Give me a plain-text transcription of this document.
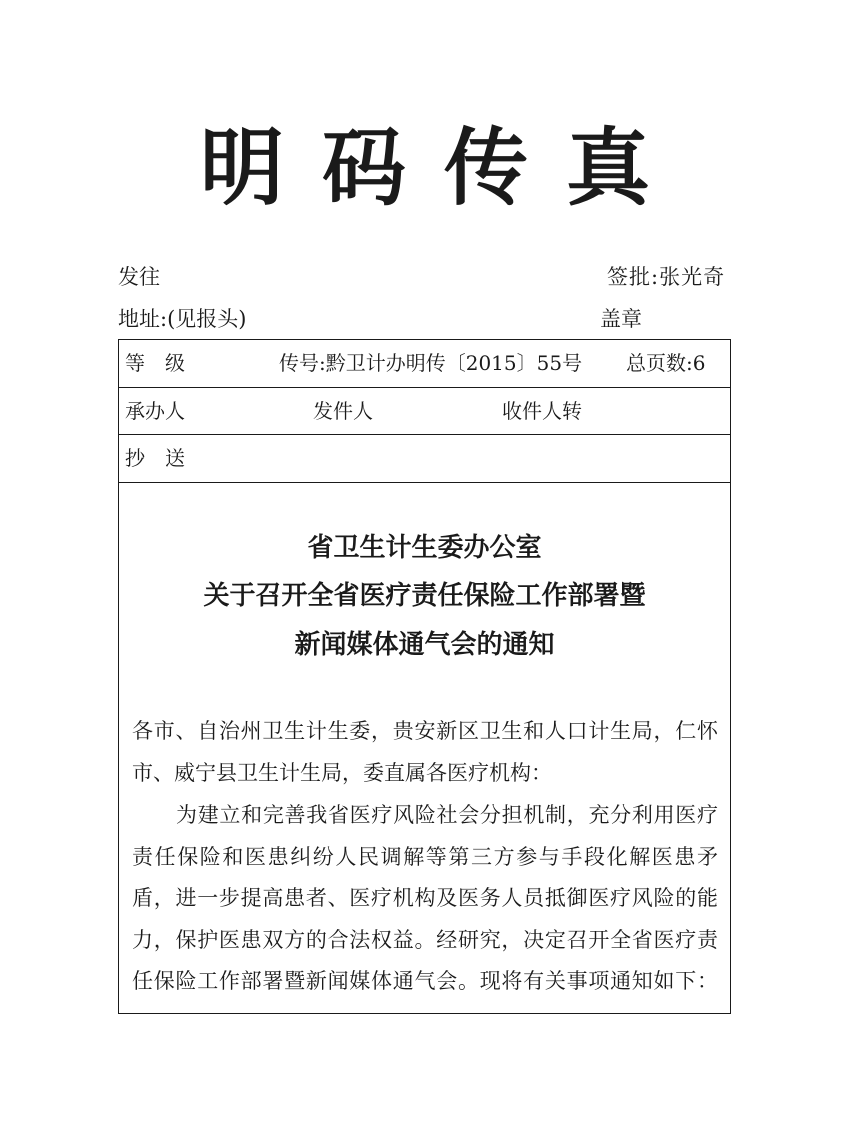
明码传真
发往	签批:张光奇
地址:(见报头)	盖章
等　级	传号:黔卫计办明传〔2015〕55号 总页数:6
承办人	发件人	收件人转
抄　送
省卫生计生委办公室
关于召开全省医疗责任保险工作部署暨
新闻媒体通气会的通知
各市、自治州卫生计生委，贵安新区卫生和人口计生局，仁怀
市、威宁县卫生计生局，委直属各医疗机构：
为建立和完善我省医疗风险社会分担机制，充分利用医疗
责任保险和医患纠纷人民调解等第三方参与手段化解医患矛
盾，进一步提高患者、医疗机构及医务人员抵御医疗风险的能
力，保护医患双方的合法权益。经研究，决定召开全省医疗责
任保险工作部署暨新闻媒体通气会。现将有关事项通知如下：
